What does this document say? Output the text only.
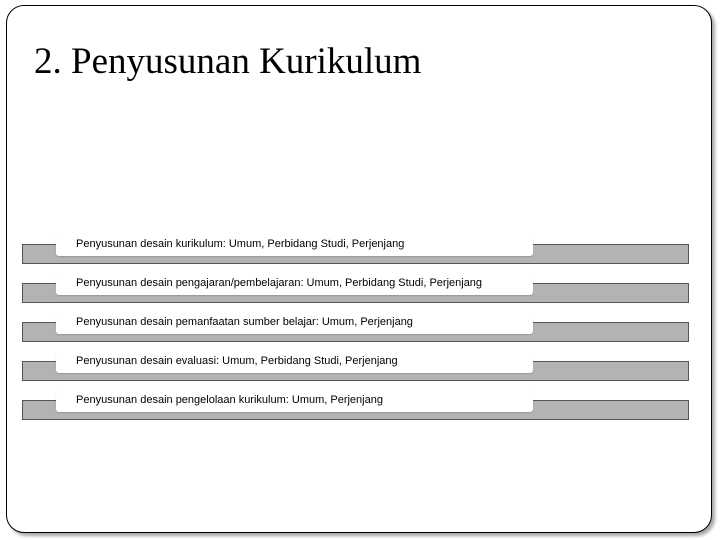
2. Penyusunan Kurikulum
Penyusunan desain kurikulum: Umum, Perbidang Studi, Perjenjang
Penyusunan desain pengajaran/pembelajaran: Umum, Perbidang Studi, Perjenjang
Penyusunan desain pemanfaatan sumber belajar: Umum, Perjenjang
Penyusunan desain evaluasi: Umum, Perbidang Studi, Perjenjang
Penyusunan desain pengelolaan kurikulum: Umum, Perjenjang
